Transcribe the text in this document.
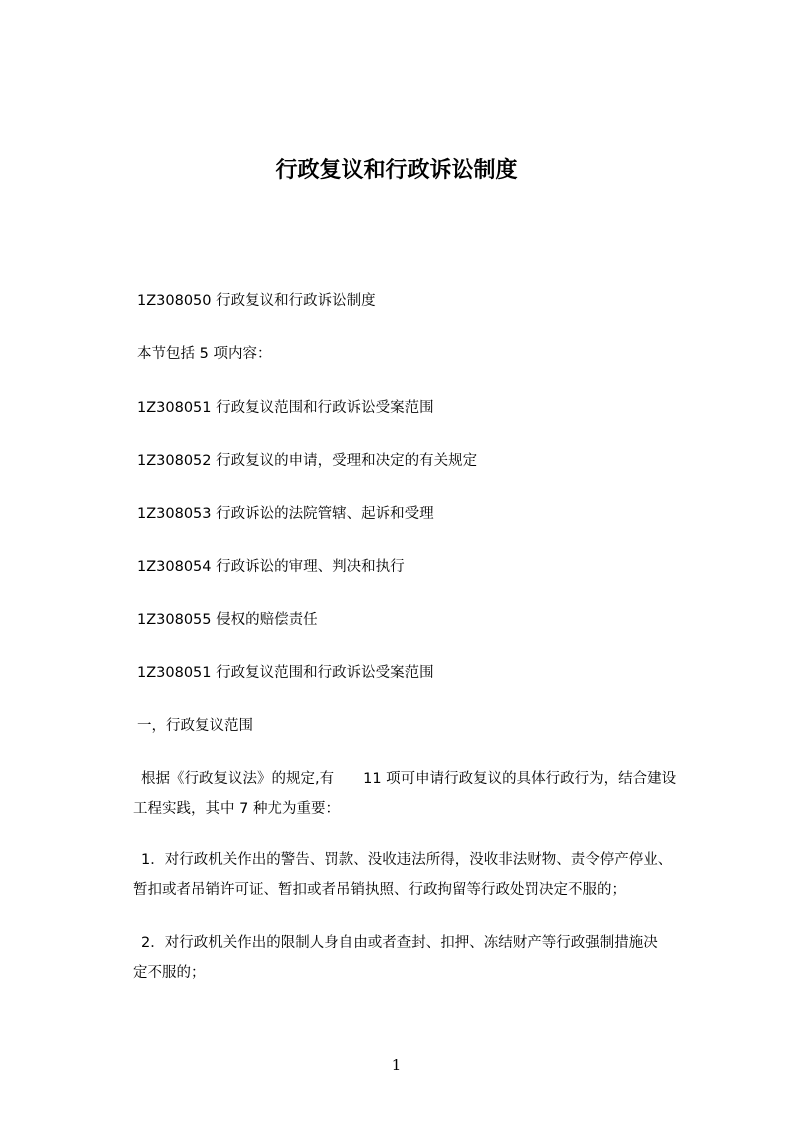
行政复议和行政诉讼制度
1Z308050 行政复议和行政诉讼制度
本节包括 5 项内容：
1Z308051 行政复议范围和行政诉讼受案范围
1Z308052 行政复议的申请，受理和决定的有关规定
1Z308053 行政诉讼的法院管辖、起诉和受理
1Z308054 行政诉讼的审理、判决和执行
1Z308055 侵权的赔偿责任
1Z308051 行政复议范围和行政诉讼受案范围
一，行政复议范围
根据《行政复议法》的规定,有　　11 项可申请行政复议的具体行政行为，结合建设
工程实践，其中 7 种尤为重要：
1．对行政机关作出的警告、罚款、没收违法所得，没收非法财物、责令停产停业、
暂扣或者吊销许可证、暂扣或者吊销执照、行政拘留等行政处罚决定不服的；
2．对行政机关作出的限制人身自由或者查封、扣押、冻结财产等行政强制措施决
定不服的；
1
